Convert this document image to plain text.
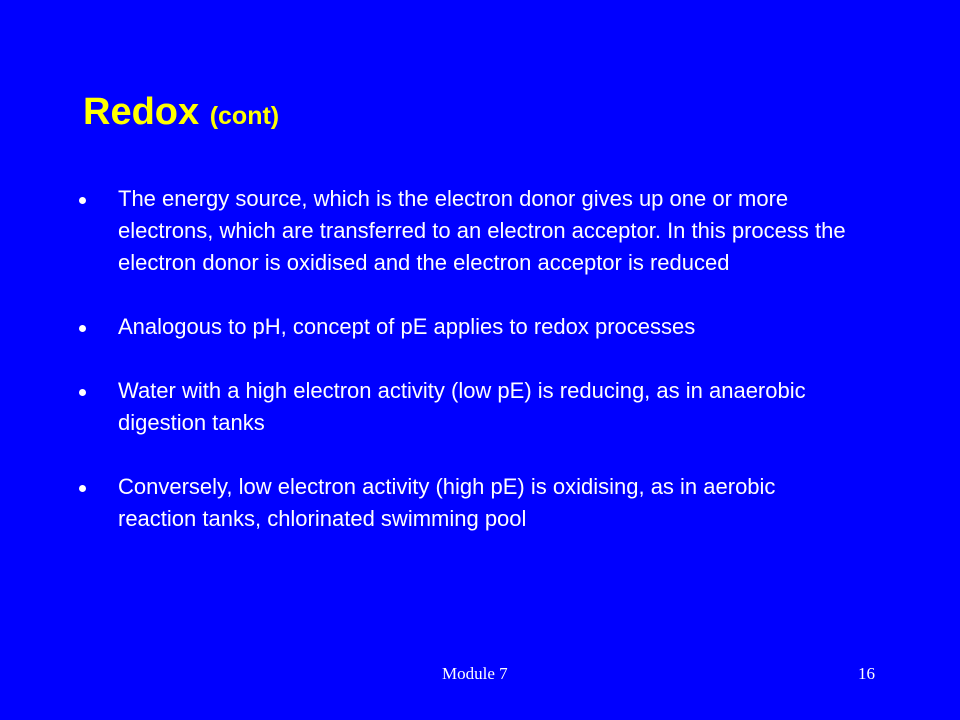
Redox (cont)
The energy source, which is the electron donor gives up one or more electrons, which are transferred to an electron acceptor. In this process the electron donor is oxidised and the electron acceptor is reduced
Analogous to pH, concept of pE applies to redox processes
Water with a high electron activity (low pE) is reducing, as in anaerobic digestion tanks
Conversely, low electron activity (high pE) is oxidising, as in aerobic reaction tanks, chlorinated swimming pool
Module 7	16
